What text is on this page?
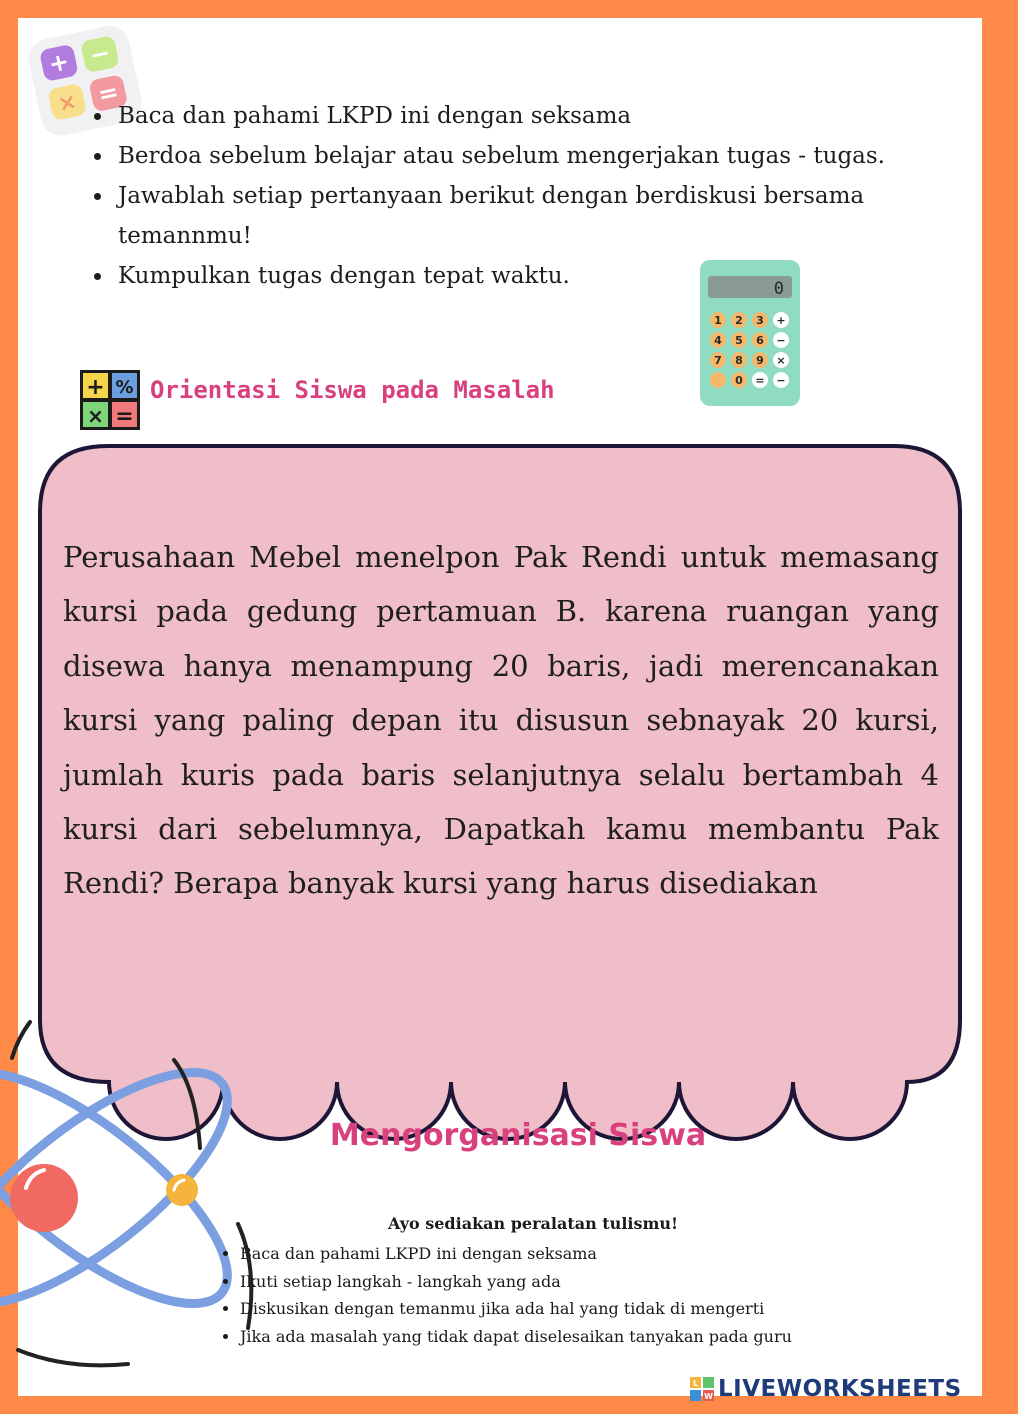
+ −
× =
• Baca dan pahami LKPD ini dengan seksama
• Berdoa sebelum belajar atau sebelum mengerjakan tugas - tugas.
• Jawablah setiap pertanyaan berikut dengan berdiskusi bersama temannmu!
• Kumpulkan tugas dengan tepat waktu.	0
1 2 3 +
4 5 6 −
7 8 9 ×
0 = −
+ %
× =
Orientasi Siswa pada Masalah

Perusahaan Mebel menelpon Pak Rendi untuk memasang kursi pada gedung pertamuan B. karena ruangan yang disewa hanya menampung 20 baris, jadi merencanakan kursi yang paling depan itu disusun sebnayak 20 kursi, jumlah kuris pada baris selanjutnya selalu bertambah 4 kursi dari sebelumnya, Dapatkah kamu membantu Pak Rendi? Berapa banyak kursi yang harus disediakan

Mengorganisasi Siswa
Ayo sediakan peralatan tulismu!
• Baca dan pahami LKPD ini dengan seksama
• Ikuti setiap langkah - langkah yang ada
• Diskusikan dengan temanmu jika ada hal yang tidak di mengerti
• Jika ada masalah yang tidak dapat diselesaikan tanyakan pada guru
L
W LIVEWORKSHEETS
